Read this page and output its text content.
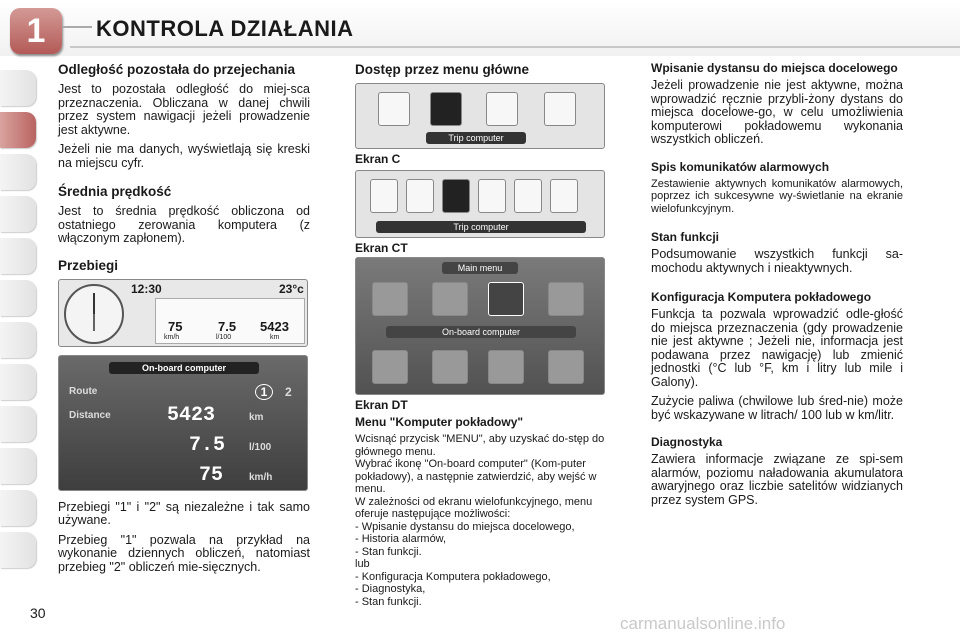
1	KONTROLA DZIAŁANIA
Odległość pozostała do przejechania

Jest to pozostała odległość do miej-sca przeznaczenia. Obliczana w danej chwili przez system nawigacji jeżeli prowadzenie jest aktywne.

Jeżeli nie ma danych, wyświetlają się kreski na miejscu cyfr.

Średnia prędkość

Jest to średnia prędkość obliczona od ostatniego zerowania komputera (z włączonym zapłonem).

Przebiegi
12:30	23°c
75
km/h
7.5
l/100
5423
km
On-board computer
Route	1	2
Distance	5423	km
7.5 l/100
75	km/h

Przebiegi "1" i "2" są niezależne i tak samo używane.

Przebieg "1" pozwala na przykład na wykonanie dziennych obliczeń, natomiast przebieg "2" obliczeń mie-sięcznych.

Dostęp przez menu główne
Trip computer
Ekran C
Trip computer
Ekran CT
Main menu
On-board computer
Ekran DT
Menu "Komputer pokładowy"

Wcisnąć przycisk "MENU", aby uzyskać do-stęp do głównego menu.

Wybrać ikonę "On-board computer" (Kom-puter pokładowy), a następnie zatwierdzić, aby wejść w menu.

W zależności od ekranu wielofunkcyjnego, menu oferuje następujące możliwości:

- Wpisanie dystansu do miejsca docelowego,

- Historia alarmów,

- Stan funkcji.

lub

- Konfiguracja Komputera pokładowego,

- Diagnostyka,

- Stan funkcji.

Wpisanie dystansu do miejsca docelowego

Jeżeli prowadzenie nie jest aktywne, można wprowadzić ręcznie przybli-żony dystans do miejsca docelowe-go, w celu umożliwienia komputerowi pokładowemu wykonania wszystkich obliczeń.

Spis komunikatów alarmowych

Zestawienie aktywnych komunikatów alarmowych, poprzez ich sukcesywne wy-świetlanie na ekranie wielofunkcyjnym.

Stan funkcji

Podsumowanie wszystkich funkcji sa-mochodu aktywnych i nieaktywnych.

Konfiguracja Komputera pokładowego

Funkcja ta pozwala wprowadzić odle-głość do miejsca przeznaczenia (gdy prowadzenie nie jest aktywne ; Jeżeli nie, informacja jest podawana przez nawigację) lub zmienić jednostki (°C lub °F, km i litry lub mile i Galony).

Zużycie paliwa (chwilowe lub śred-nie) może być wskazywane w litrach/ 100 lub w km/litr.

Diagnostyka

Zawiera informacje związane ze spi-sem alarmów, poziomu naładowania akumulatora awaryjnego oraz liczbie satelitów widzianych przez system GPS.

30
carmanualsonline.info
